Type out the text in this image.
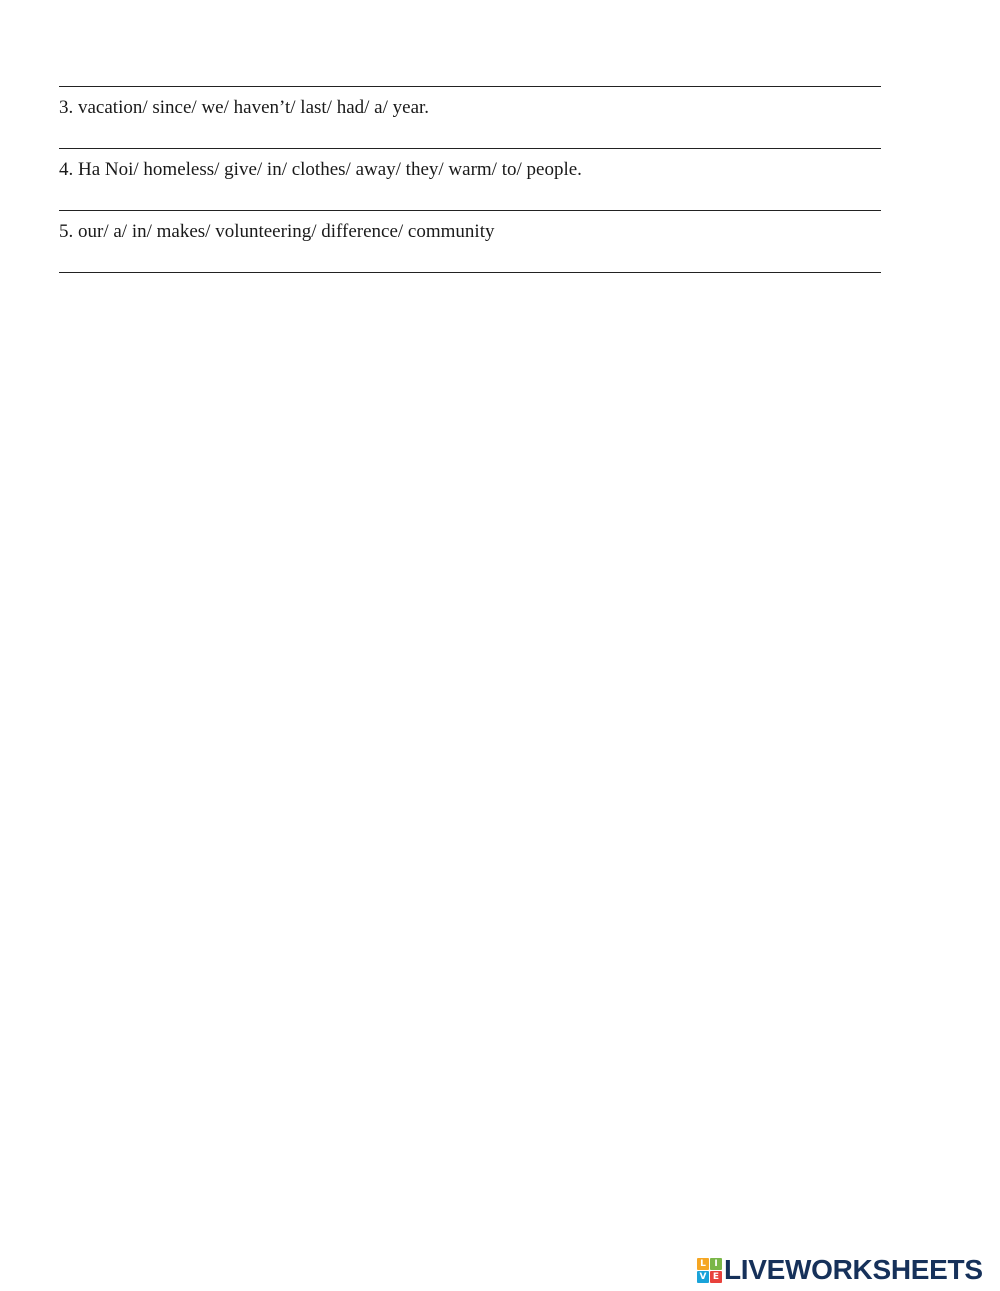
3. vacation/ since/ we/ haven’t/ last/ had/ a/ year.
4. Ha Noi/ homeless/ give/ in/ clothes/ away/ they/ warm/ to/ people.
5. our/ a/ in/ makes/ volunteering/ difference/ community
L I
V E LIVEWORKSHEETS
